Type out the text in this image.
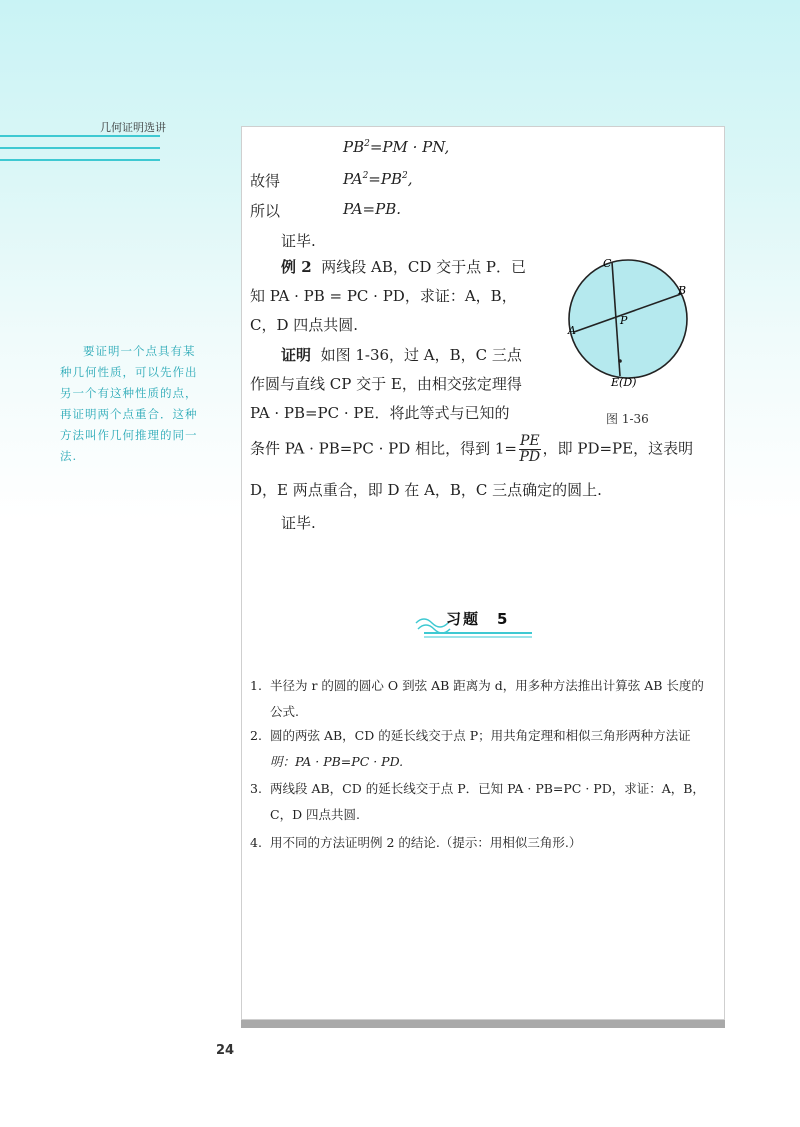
几何证明选讲
要证明一个点具有某种几何性质，可以先作出另一个有这种性质的点，再证明两个点重合．这种方法叫作几何推理的同一法.
$PB^2=PM$ · PN,
故得	$PA^2=PB^2$,
所以	PA=PB.
证毕.
例 2 两线段 AB，CD 交于点 P．已
知 PA · PB = PC · PD，求证：A，B，
C，D 四点共圆.
证明 如图 1-36，过 A，B，C 三点
作圆与直线 CP 交于 E，由相交弦定理得
PA · PB=PC · PE．将此等式与已知的
条件 PA · PB=PC · PD 相比，得到 $1= \frac{PE}{PD}$ ，即 PD=PE，这表明
D，E 两点重合，即 D 在 A，B，C 三点确定的圆上.
证毕.
C
B
A
P
E(D)
图 1-36
习题　5
1. 半径为 r 的圆的圆心 O 到弦 AB 距离为 d，用多种方法推出计算弦 AB 长度的
公式.
2. 圆的两弦 AB，CD 的延长线交于点 P；用共角定理和相似三角形两种方法证
明：PA · PB=PC · PD.
3. 两线段 AB，CD 的延长线交于点 P．已知 PA · PB=PC · PD，求证：A，B，
C，D 四点共圆.
4. 用不同的方法证明例 2 的结论.（提示：用相似三角形.）
24
